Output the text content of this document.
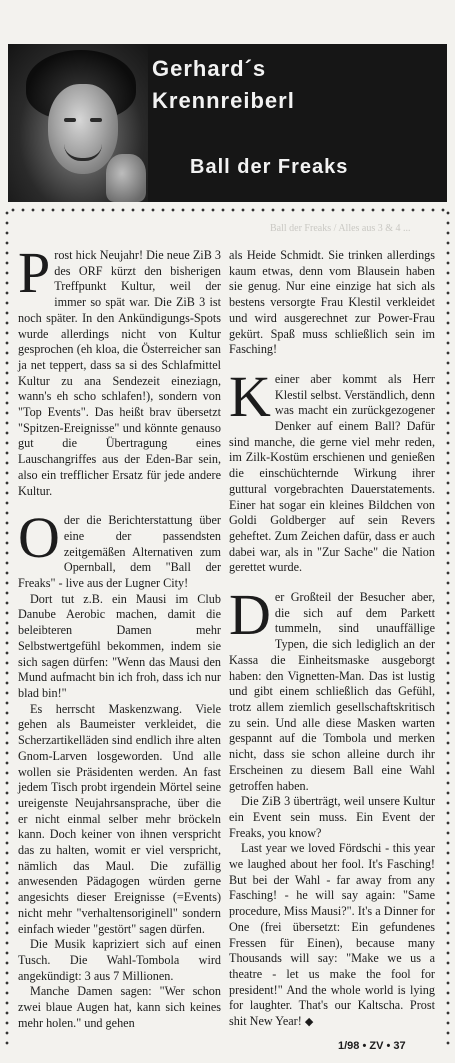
Gerhard´s
Krennreiberl
Ball der Freaks
Ball der Freaks / Alles aus 3 & 4 ...

Prost hick Neujahr! Die neue ZiB 3 des ORF kürzt den bisherigen Treffpunkt Kultur, weil der immer so spät war. Die ZiB 3 ist noch später. In den Ankündigungs-Spots wurde allerdings nicht von Kultur gesprochen (eh kloa, die Österreicher san ja net teppert, dass sa si des Schlafmittel Kultur zu ana Sendezeit eineziagn, wann's eh scho schlafen!), sondern von "Top Events". Das heißt brav übersetzt "Spitzen-Ereignisse" und könnte genauso gut die Übertragung eines Lauschangriffes aus der Eden-Bar sein, also ein trefflicher Ersatz für jede andere Kultur.

Oder die Berichterstattung über eine der passendsten zeitgemäßen Alternativen zum Opernball, dem "Ball der Freaks" - live aus der Lugner City!

Dort tut z.B. ein Mausi im Club Danube Aerobic machen, damit die beleibteren Damen mehr Selbstwertgefühl bekommen, indem sie sich sagen dürfen: "Wenn das Mausi den Mund aufmacht bin ich froh, dass ich nur blad bin!"

Es herrscht Maskenzwang. Viele gehen als Baumeister verkleidet, die Scherzartikelläden sind endlich ihre alten Gnom-Larven losgeworden. Und alle wollen sie Präsidenten werden. An fast jedem Tisch probt irgendein Mörtel seine ureigenste Neujahrsansprache, über die er nicht einmal selber mehr bröckeln kann. Doch keiner von ihnen verspricht das zu halten, womit er viel verspricht, nämlich das Maul. Die zufällig anwesenden Pädagogen würden gerne angesichts dieser Ereignisse (=Events) nicht mehr "verhaltensoriginell" sondern einfach wieder "gestört" sagen dürfen.

Die Musik kapriziert sich auf einen Tusch. Die Wahl-Tombola wird angekündigt: 3 aus 7 Millionen.

Manche Damen sagen: "Wer schon zwei blaue Augen hat, kann sich keines mehr holen." und gehen

als Heide Schmidt. Sie trinken allerdings kaum etwas, denn vom Blausein haben sie genug. Nur eine einzige hat sich als bestens versorgte Frau Klestil verkleidet und wird ausgerechnet zur Power-Frau gekürt. Spaß muss schließlich sein im Fasching!

Keiner aber kommt als Herr Klestil selbst. Verständlich, denn was macht ein zurückgezogener Denker auf einem Ball? Dafür sind manche, die gerne viel mehr reden, im Zilk-Kostüm erschienen und genießen die einschüchternde Wirkung ihrer guttural vorgebrachten Dauerstatements. Einer hat sogar ein kleines Bildchen von Goldi Goldberger auf sein Revers geheftet. Zum Zeichen dafür, dass er auch dabei war, als in "Zur Sache" die Nation gerettet wurde.

Der Großteil der Besucher aber, die sich auf dem Parkett tummeln, sind unauffällige Typen, die sich lediglich an der Kassa die Einheitsmaske ausgeborgt haben: den Vignetten-Man. Das ist lustig und gibt einem schließlich das Gefühl, trotz allem ziemlich gesellschaftskritisch zu sein. Und alle diese Masken warten gespannt auf die Tombola und merken nicht, dass sie schon alleine durch ihr Erscheinen zu diesem Ball eine Wahl getroffen haben.

Die ZiB 3 überträgt, weil unsere Kultur ein Event sein muss. Ein Event der Freaks, you know?

Last year we loved Fördschi - this year we laughed about her fool. It's Fasching! But bei der Wahl - far away from any Fasching! - he will say again: "Same procedure, Miss Mausi?". It's a Dinner for One (frei übersetzt: Ein gefundenes Fressen für Einen), because many Thousands will say: "Make we us a theatre - let us make the fool for president!" And the whole world is lying for laughter. That's our Kaltscha. Prost shit New Year! ◆

1/98 • ZV • 37
